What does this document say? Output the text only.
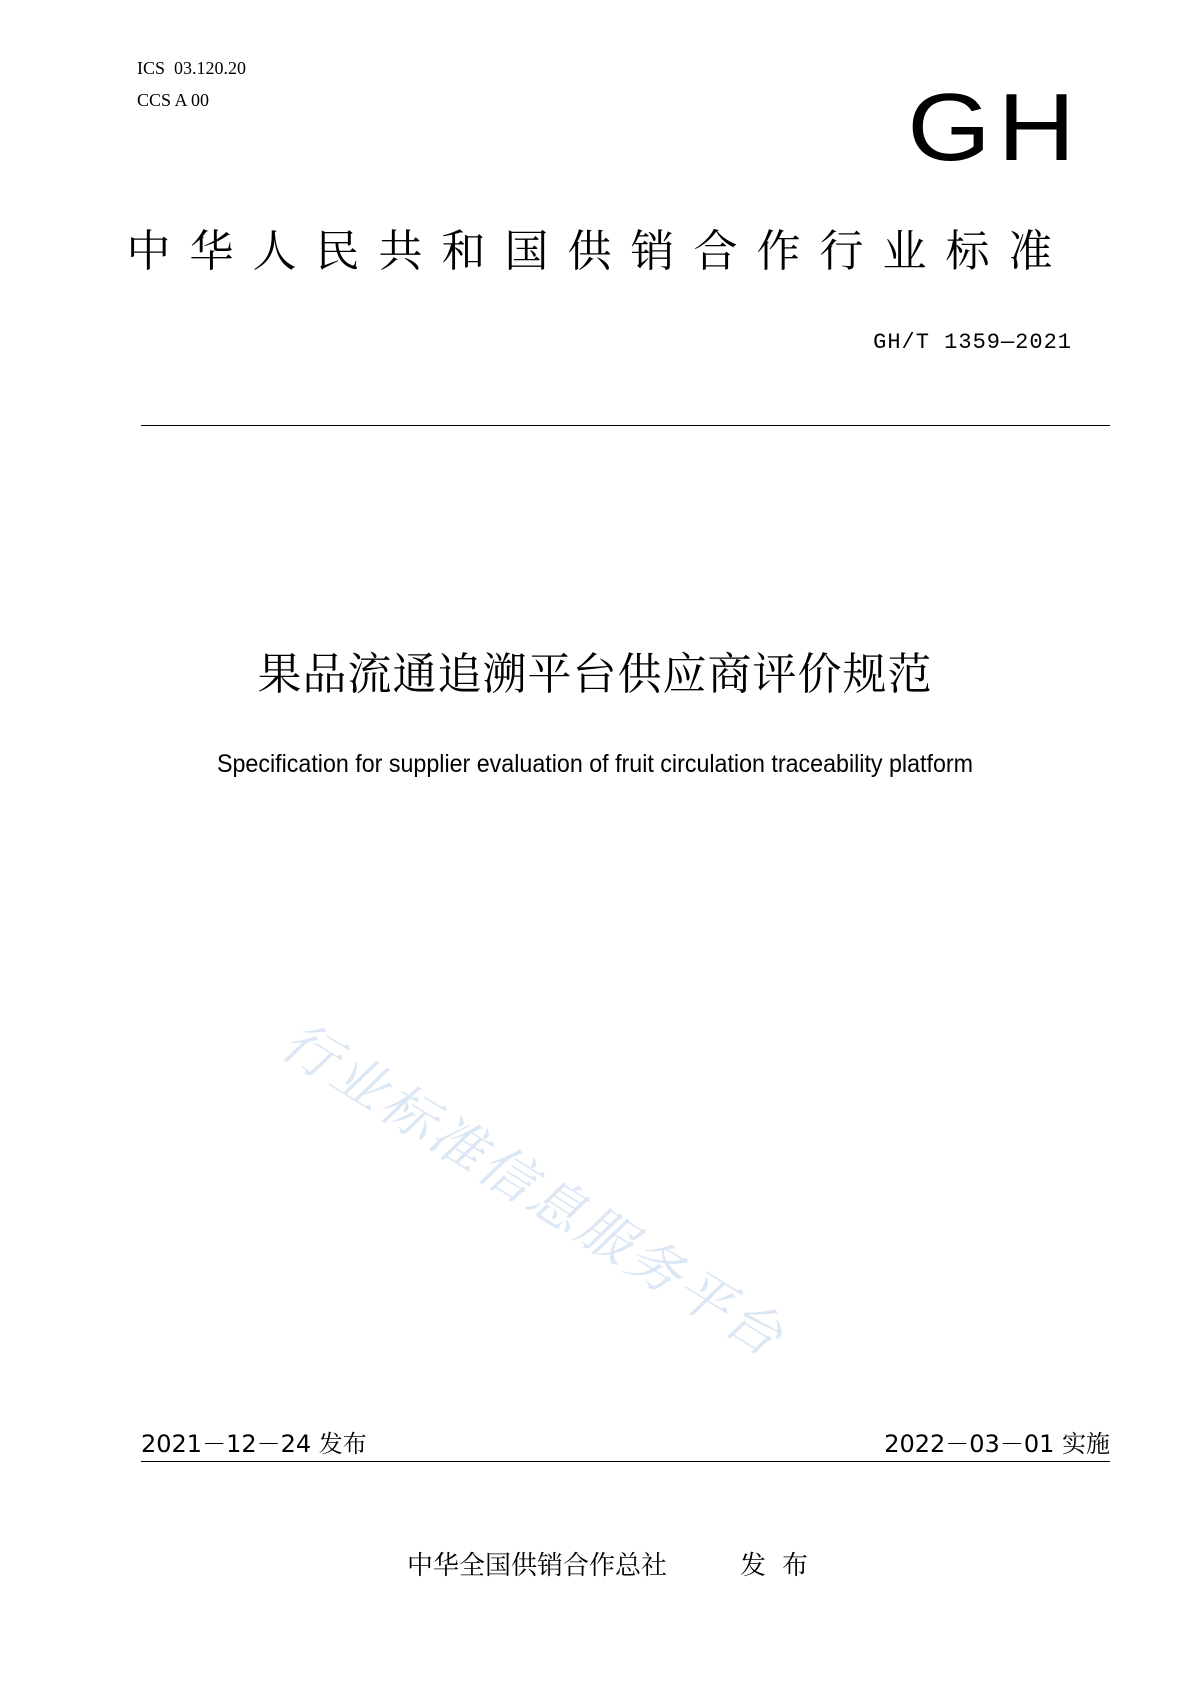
ICS  03.120.20
CCS A 00	GH
中华人民共和国供销合作行业标准
GH/T 1359—2021
果品流通追溯平台供应商评价规范
Specification for supplier evaluation of fruit circulation traceability platform
行业标准信息服务平台
2021－12－24 发布	2022－03－01 实施
中华全国供销合作总社	发布
